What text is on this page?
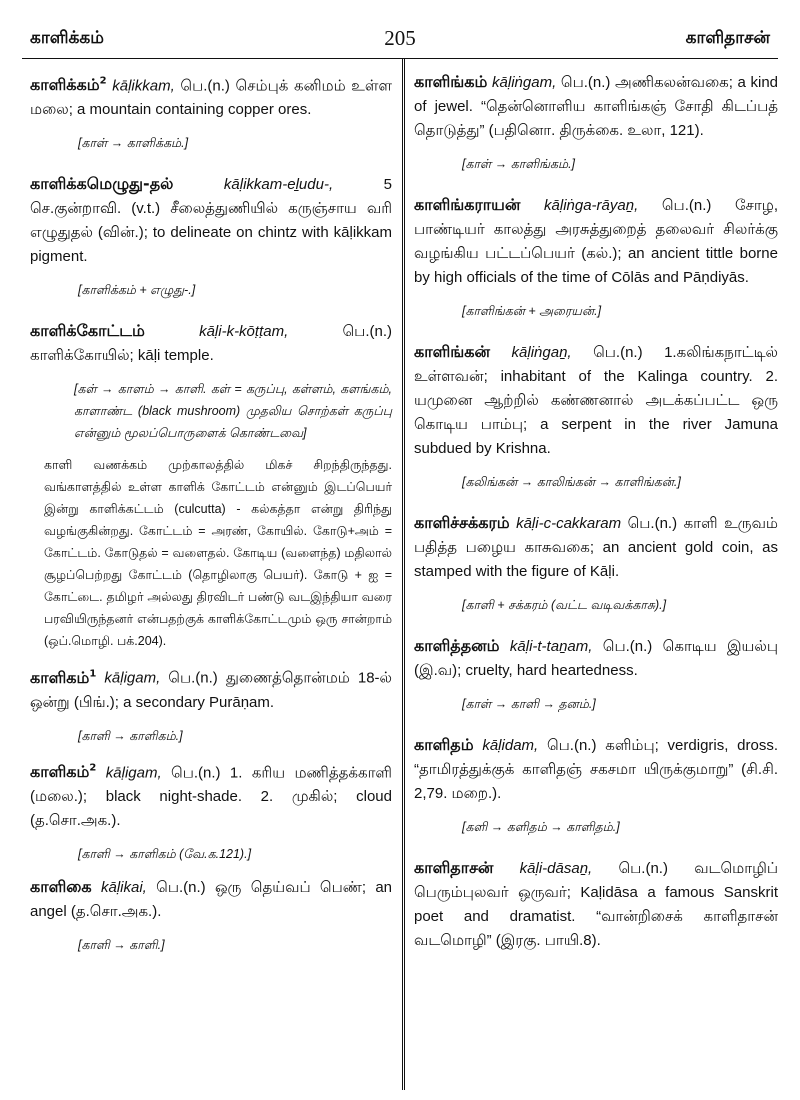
காளிக்கம்	205	காளிதாசன்
காளிக்கம்$^2$ kāḷikkam, பெ.(n.) செம்புக் கனிமம் உள்ள மலை; a mountain containing copper ores.
[காள் → காளிக்கம்.]
காளிக்கமெழுது-தல்	kāḷikkam-eḻudu-,	5 செ.குன்றாவி. (v.t.) சீலைத்துணியில் கருஞ்சாய வரி எழுதுதல் (வின்.); to delineate on chintz with kāḷikkam pigment.
[காளிக்கம் + எழுது-.]
காளிக்கோட்டம்	kāḷi-k-kōṭṭam,	பெ.(n.) காளிக்கோயில்; kāḷi temple.
[கள் → காளம் → காளி. கள் = கருப்பு, கள்ளம், களங்கம், காளாண்ட (black mushroom) முதலிய சொற்கள் கருப்பு என்னும் மூலப்பொருளைக் கொண்டவை]
காளி வணக்கம் முற்காலத்தில் மிகச் சிறந்திருந்தது. வங்காளத்தில் உள்ள காளிக் கோட்டம் என்னும் இடப்பெயர் இன்று காளிக்கட்டம் (culcutta) - கல்கத்தா என்று திரிந்து வழங்குகின்றது. கோட்டம் = அரண், கோயில். கோடு+அம் = கோட்டம். கோடுதல் = வளைதல். கோடிய (வளைந்த) மதிலால் சூழப்பெற்றது கோட்டம் (தொழிலாகு பெயர்). கோடு + ஐ = கோட்டை. தமிழர் அல்லது திரவிடர் பண்டு வடஇந்தியா வரை பரவியிருந்தனர் என்பதற்குக் காளிக்கோட்டமும் ஒரு சான்றாம் (ஒப்.மொழி. பக்.204).
காளிகம்$^1$ kāḷigam, பெ.(n.) துணைத்தொன்மம் 18-ல் ஒன்று (பிங்.); a secondary Purāṇam.
[காளி → காளிகம்.]
காளிகம்$^2$ kāḷigam, பெ.(n.) 1. கரிய மணித்தக்காளி (மலை.); black night-shade. 2. முகில்; cloud (த.சொ.அக.).
[காளி → காளிகம் (வே.க.121).]
காளிகை kāḷikai, பெ.(n.) ஒரு தெய்வப் பெண்; an angel (த.சொ.அக.).
[காளி → காளி.]
காளிங்கம் kāḷiṅgam, பெ.(n.) அணிகலன்வகை; a kind of jewel. “தென்னொளிய காளிங்கஞ் சோதி கிடப்பத் தொடுத்து” (பதினொ. திருக்கை. உலா, 121).
[காள் → காளிங்கம்.]
காளிங்கராயன் kāḷiṅga-rāyaṉ, பெ.(n.) சோழ, பாண்டியர் காலத்து அரசுத்துறைத் தலைவர் சிலர்க்கு வழங்கிய பட்டப்பெயர் (கல்.); an ancient tittle borne by high officials of the time of Cōlās and Pāṇdiyās.
[காளிங்கன் + அரையன்.]
காளிங்கன் kāḷiṅgaṉ, பெ.(n.) 1.கலிங்கநாட்டில் உள்ளவன்; inhabitant of the Kalinga country. 2. யமுனை ஆற்றில் கண்ணனால் அடக்கப்பட்ட ஒரு கொடிய பாம்பு; a serpent in the river Jamuna subdued by Krishna.
[கலிங்கன் → காலிங்கன் → காளிங்கன்.]
காளிச்சக்கரம் kāḷi-c-cakkaram பெ.(n.) காளி உருவம் பதித்த பழைய காசுவகை; an ancient gold coin, as stamped with the figure of Kāḷi.
[காளி + சக்கரம் (வட்ட வடிவக்காசு).]
காளித்தனம் kāḷi-t-taṉam, பெ.(n.) கொடிய இயல்பு (இ.வ); cruelty, hard heartedness.
[காள் → காளி → தனம்.]
காளிதம் kāḷidam, பெ.(n.) களிம்பு; verdigris, dross. “தாமிரத்துக்குக் காளிதஞ் சகசமா யிருக்குமாறு” (சி.சி. 2,79. மறை.).
[களி → களிதம் → காளிதம்.]
காளிதாசன் kāḷi-dāsaṉ, பெ.(n.) வடமொழிப் பெரும்புலவர் ஒருவர்; Kaḷidāsa a famous Sanskrit poet and dramatist. “வான்றிசைக் காளிதாசன் வடமொழி” (இரகு. பாயி.8).
